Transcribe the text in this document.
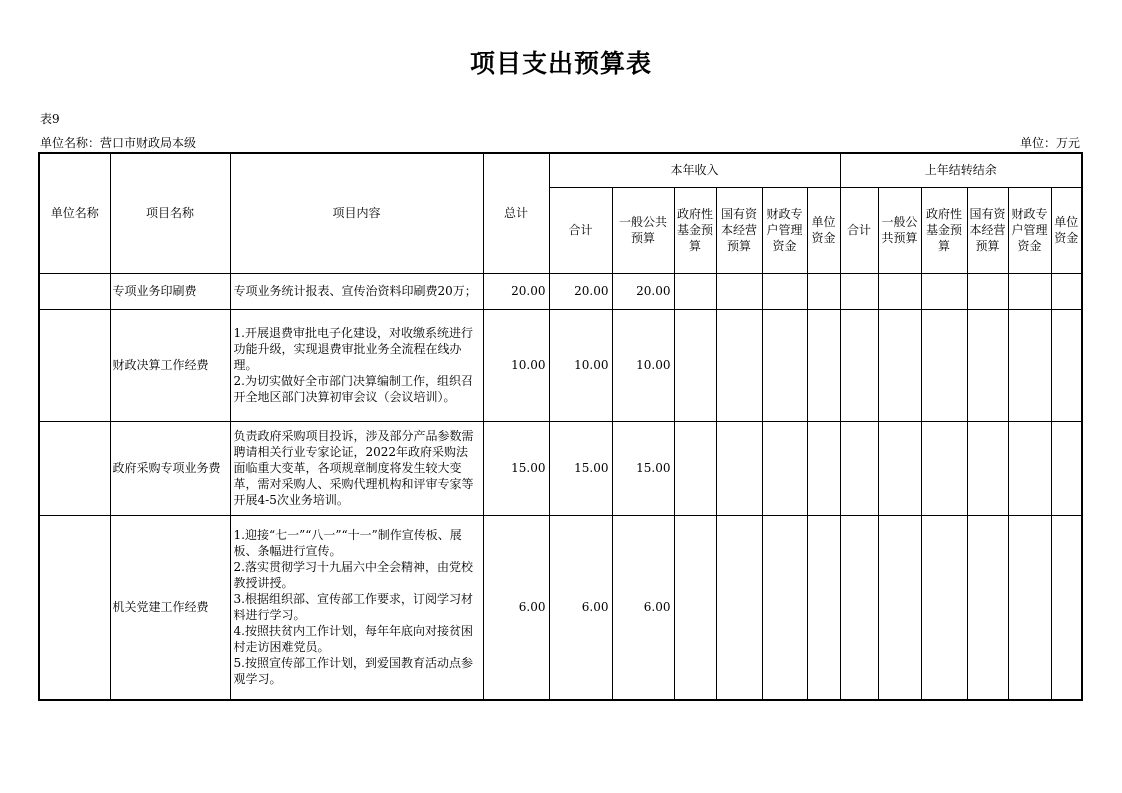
项目支出预算表
表9
单位名称：营口市财政局本级	单位：万元
单位名称	项目名称	项目内容	总计	本年收入						上年结转结余					
				合计	一般公共预算	政府性基金预算	国有资本经营预算	财政专户管理资金	单位资金	合计	一般公共预算	政府性基金预算	国有资本经营预算	财政专户管理资金	单位资金
	专项业务印刷费	专项业务统计报表、宣传治资料印刷费20万；	20.00	20.00	20.00										
	财政决算工作经费	1.开展退费审批电子化建设，对收缴系统进行功能升级，实现退费审批业务全流程在线办理。
2.为切实做好全市部门决算编制工作，组织召开全地区部门决算初审会议（会议培训）。	10.00	10.00	10.00										
	政府采购专项业务费	负责政府采购项目投诉，涉及部分产品参数需聘请相关行业专家论证，2022年政府采购法面临重大变革，各项规章制度将发生较大变革，需对采购人、采购代理机构和评审专家等开展4-5次业务培训。	15.00	15.00	15.00										
	机关党建工作经费	1.迎接“七一”“八一”“十一”制作宣传板、展板、条幅进行宣传。
2.落实贯彻学习十九届六中全会精神，由党校教授讲授。
3.根据组织部、宣传部工作要求，订阅学习材料进行学习。
4.按照扶贫内工作计划，每年年底向对接贫困村走访困难党员。
5.按照宣传部工作计划，到爱国教育活动点参观学习。	6.00	6.00	6.00										
